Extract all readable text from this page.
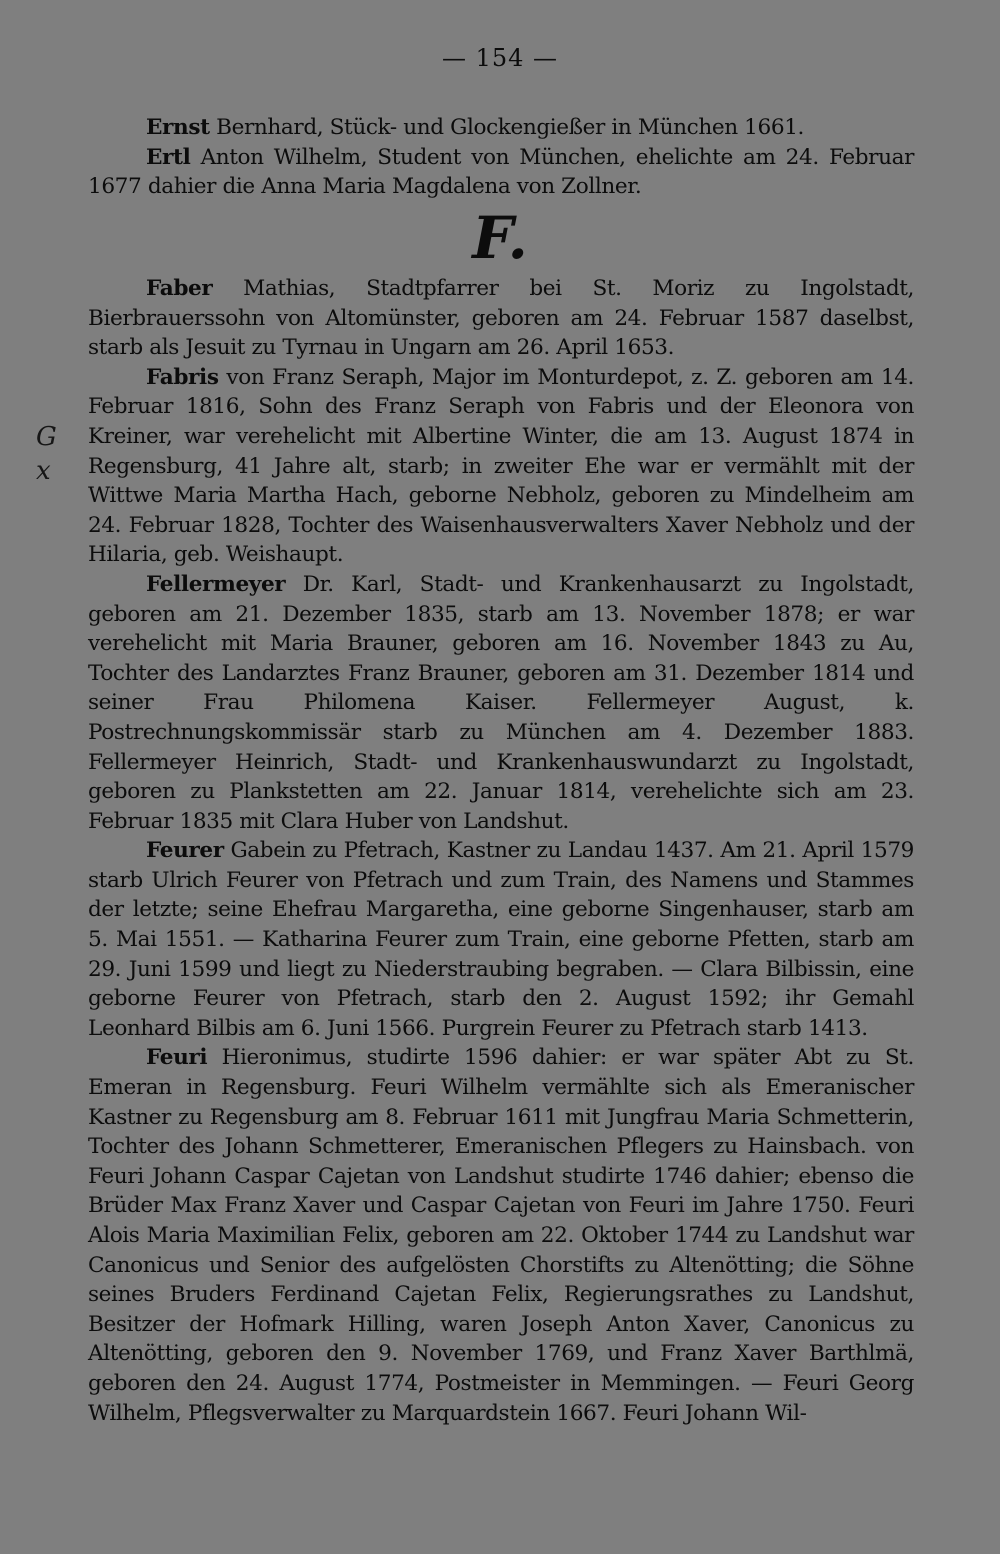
— 154 —

Ernst Bernhard, Stück- und Glockengießer in München 1661.

Ertl Anton Wilhelm, Student von München, ehelichte am 24. Februar 1677 dahier die Anna Maria Magdalena von Zollner.

F.
G
x

Faber Mathias, Stadtpfarrer bei St. Moriz zu Ingolstadt, Bierbrauerssohn von Altomünster, geboren am 24. Februar 1587 daselbst, starb als Jesuit zu Tyrnau in Ungarn am 26. April 1653.

Fabris von Franz Seraph, Major im Monturdepot, z. Z. geboren am 14. Februar 1816, Sohn des Franz Seraph von Fabris und der Eleonora von Kreiner, war verehelicht mit Albertine Winter, die am 13. August 1874 in Regensburg, 41 Jahre alt, starb; in zweiter Ehe war er vermählt mit der Wittwe Maria Martha Hach, geborne Nebholz, geboren zu Mindelheim am 24. Februar 1828, Tochter des Waisenhausverwalters Xaver Nebholz und der Hilaria, geb. Weishaupt.

Fellermeyer Dr. Karl, Stadt- und Krankenhausarzt zu Ingolstadt, geboren am 21. Dezember 1835, starb am 13. November 1878; er war verehelicht mit Maria Brauner, geboren am 16. November 1843 zu Au, Tochter des Landarztes Franz Brauner, geboren am 31. Dezember 1814 und seiner Frau Philomena Kaiser. Fellermeyer August, k. Postrechnungskommissär starb zu München am 4. Dezember 1883. Fellermeyer Heinrich, Stadt- und Krankenhauswundarzt zu Ingolstadt, geboren zu Plankstetten am 22. Januar 1814, verehelichte sich am 23. Februar 1835 mit Clara Huber von Landshut.

Feurer Gabein zu Pfetrach, Kastner zu Landau 1437. Am 21. April 1579 starb Ulrich Feurer von Pfetrach und zum Train, des Namens und Stammes der letzte; seine Ehefrau Margaretha, eine geborne Singenhauser, starb am 5. Mai 1551. — Katharina Feurer zum Train, eine geborne Pfetten, starb am 29. Juni 1599 und liegt zu Niederstraubing begraben. — Clara Bilbissin, eine geborne Feurer von Pfetrach, starb den 2. August 1592; ihr Gemahl Leonhard Bilbis am 6. Juni 1566. Purgrein Feurer zu Pfetrach starb 1413.

Feuri Hieronimus, studirte 1596 dahier: er war später Abt zu St. Emeran in Regensburg. Feuri Wilhelm vermählte sich als Emeranischer Kastner zu Regensburg am 8. Februar 1611 mit Jungfrau Maria Schmetterin, Tochter des Johann Schmetterer, Emeranischen Pflegers zu Hainsbach. von Feuri Johann Caspar Cajetan von Landshut studirte 1746 dahier; ebenso die Brüder Max Franz Xaver und Caspar Cajetan von Feuri im Jahre 1750. Feuri Alois Maria Maximilian Felix, geboren am 22. Oktober 1744 zu Landshut war Canonicus und Senior des aufgelösten Chorstifts zu Altenötting; die Söhne seines Bruders Ferdinand Cajetan Felix, Regierungsrathes zu Landshut, Besitzer der Hofmark Hilling, waren Joseph Anton Xaver, Canonicus zu Altenötting, geboren den 9. November 1769, und Franz Xaver Barthlmä, geboren den 24. August 1774, Postmeister in Memmingen. — Feuri Georg Wilhelm, Pflegsverwalter zu Marquardstein 1667. Feuri Johann Wil-
